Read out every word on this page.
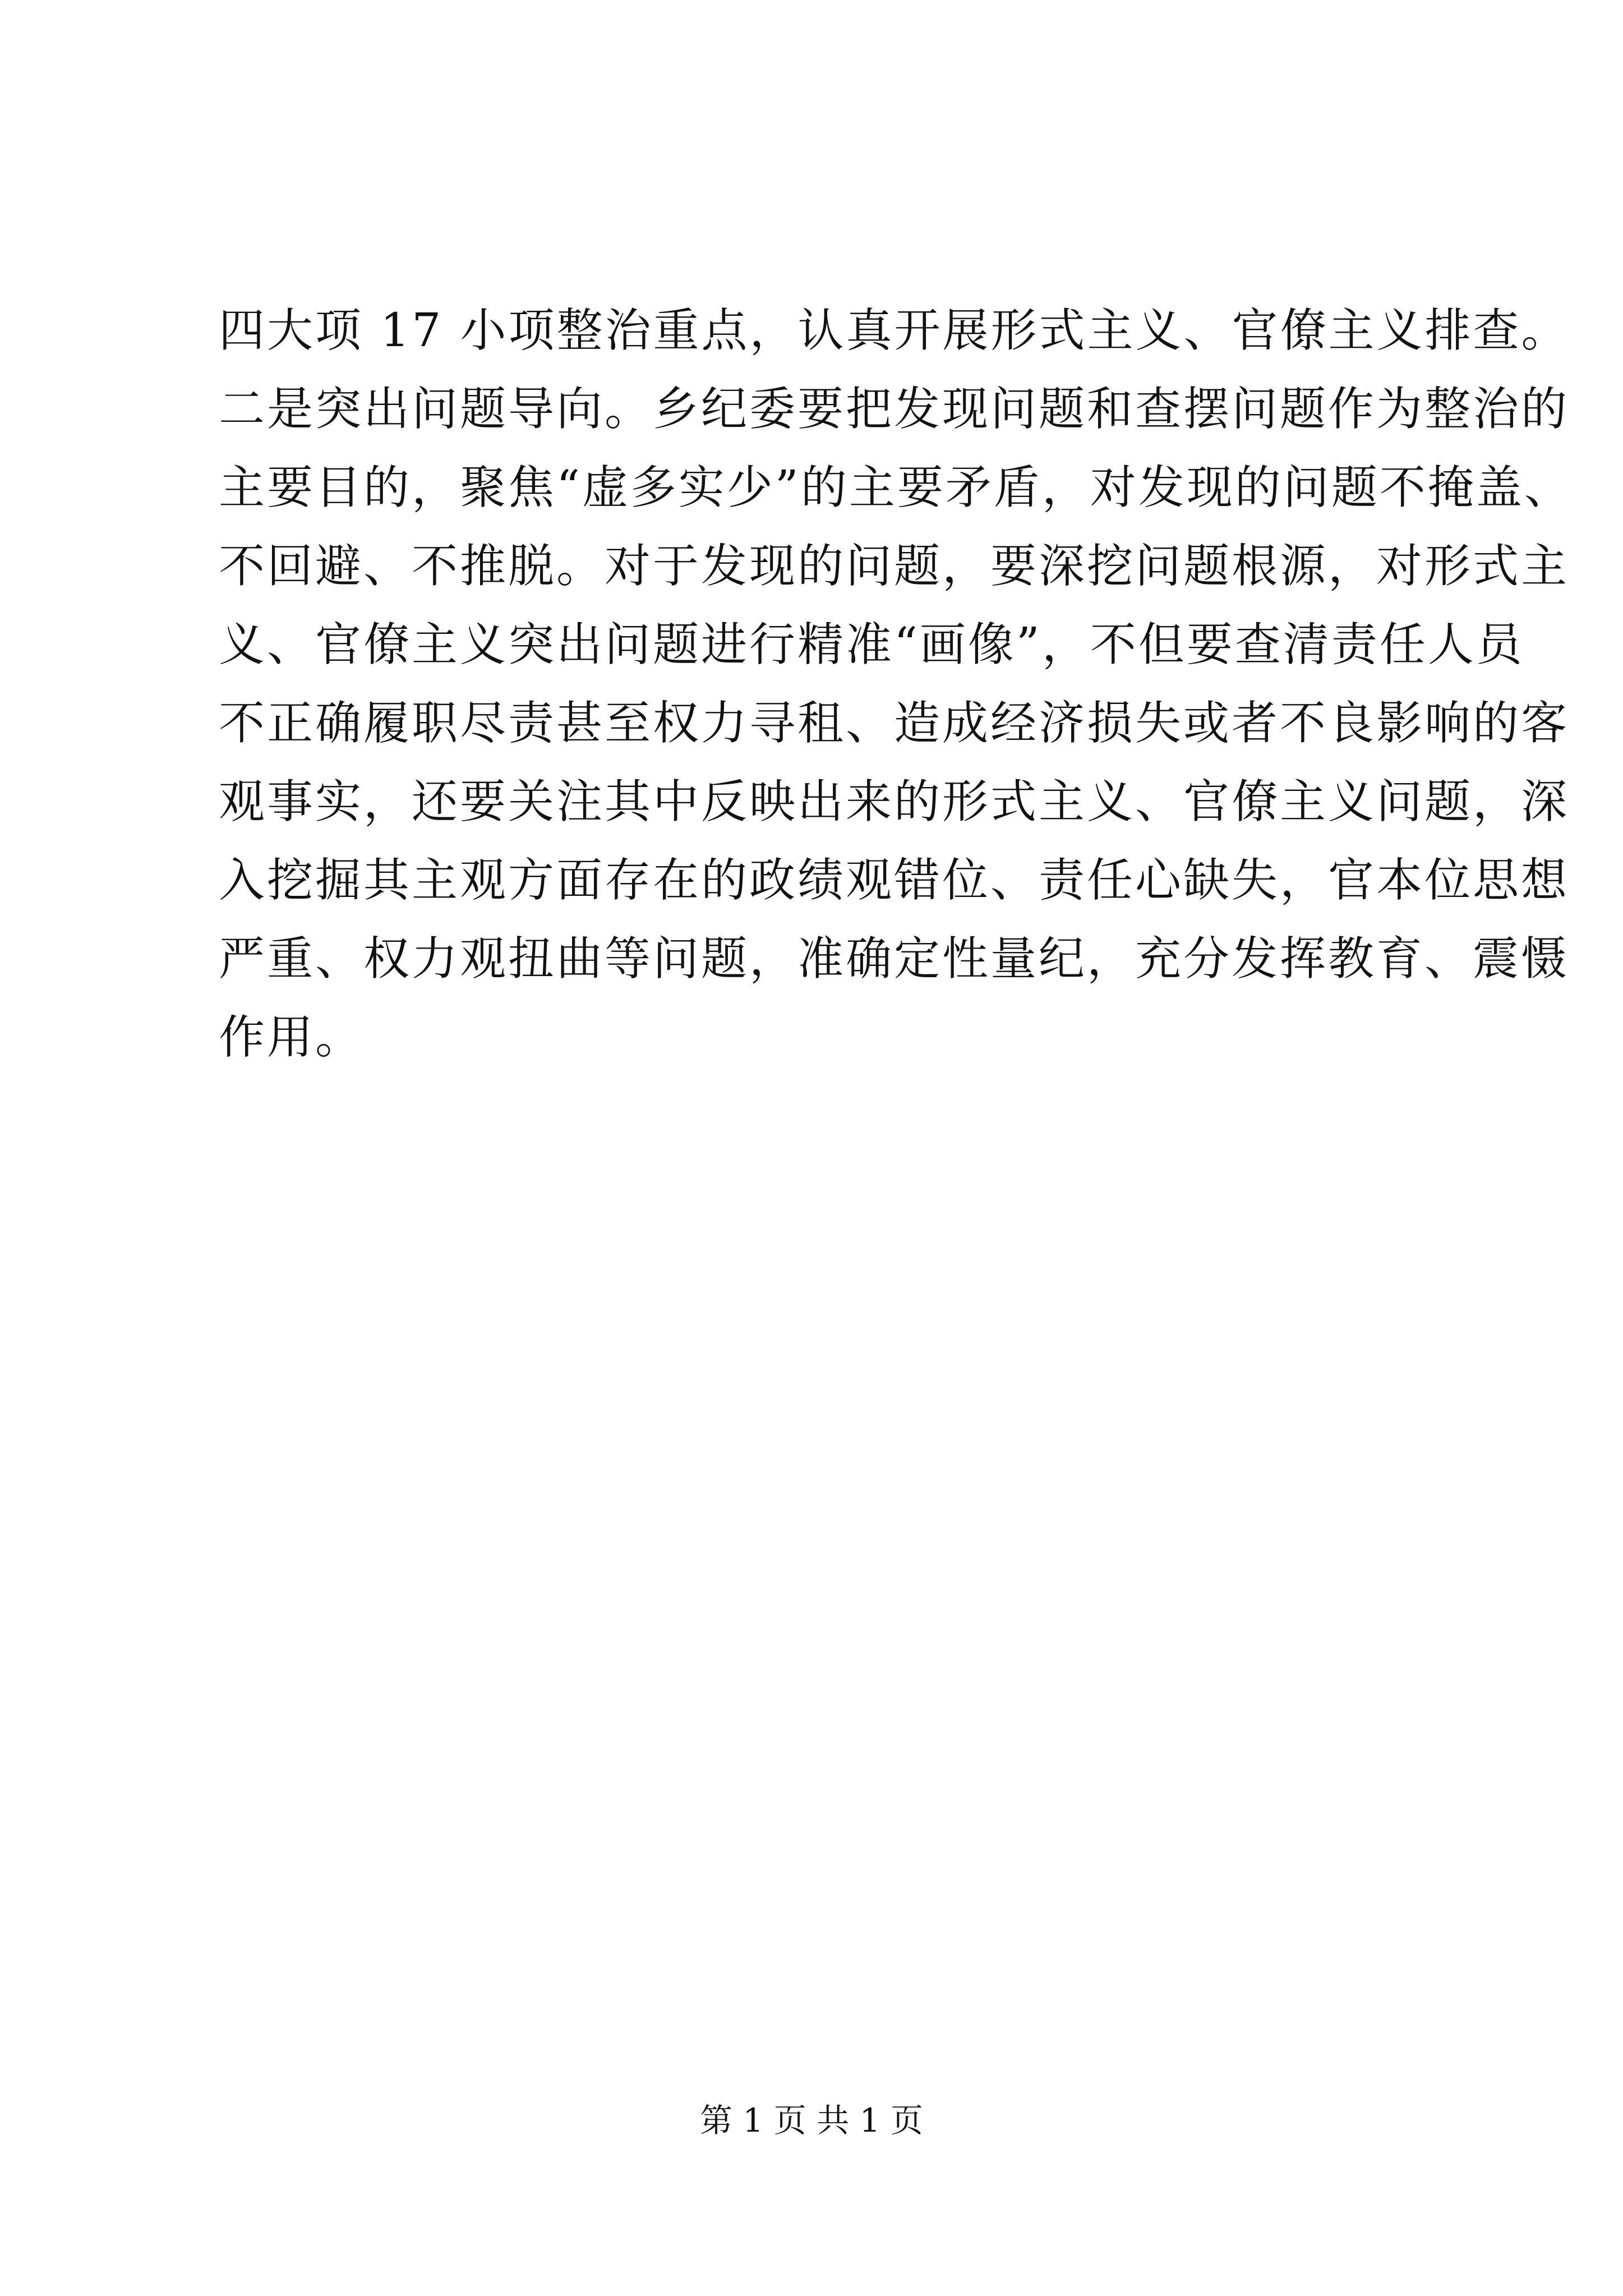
四大项 17 小项整治重点，认真开展形式主义、官僚主义排查。
二是突出问题导向。乡纪委要把发现问题和查摆问题作为整治的
主要目的，聚焦“虚多实少”的主要矛盾，对发现的问题不掩盖、
不回避、不推脱。对于发现的问题，要深挖问题根源，对形式主
义、官僚主义突出问题进行精准“画像”，不但要查清责任人员
不正确履职尽责甚至权力寻租、造成经济损失或者不良影响的客
观事实，还要关注其中反映出来的形式主义、官僚主义问题，深
入挖掘其主观方面存在的政绩观错位、责任心缺失，官本位思想
严重、权力观扭曲等问题，准确定性量纪，充分发挥教育、震慑
作用。
第 1 页 共 1 页
